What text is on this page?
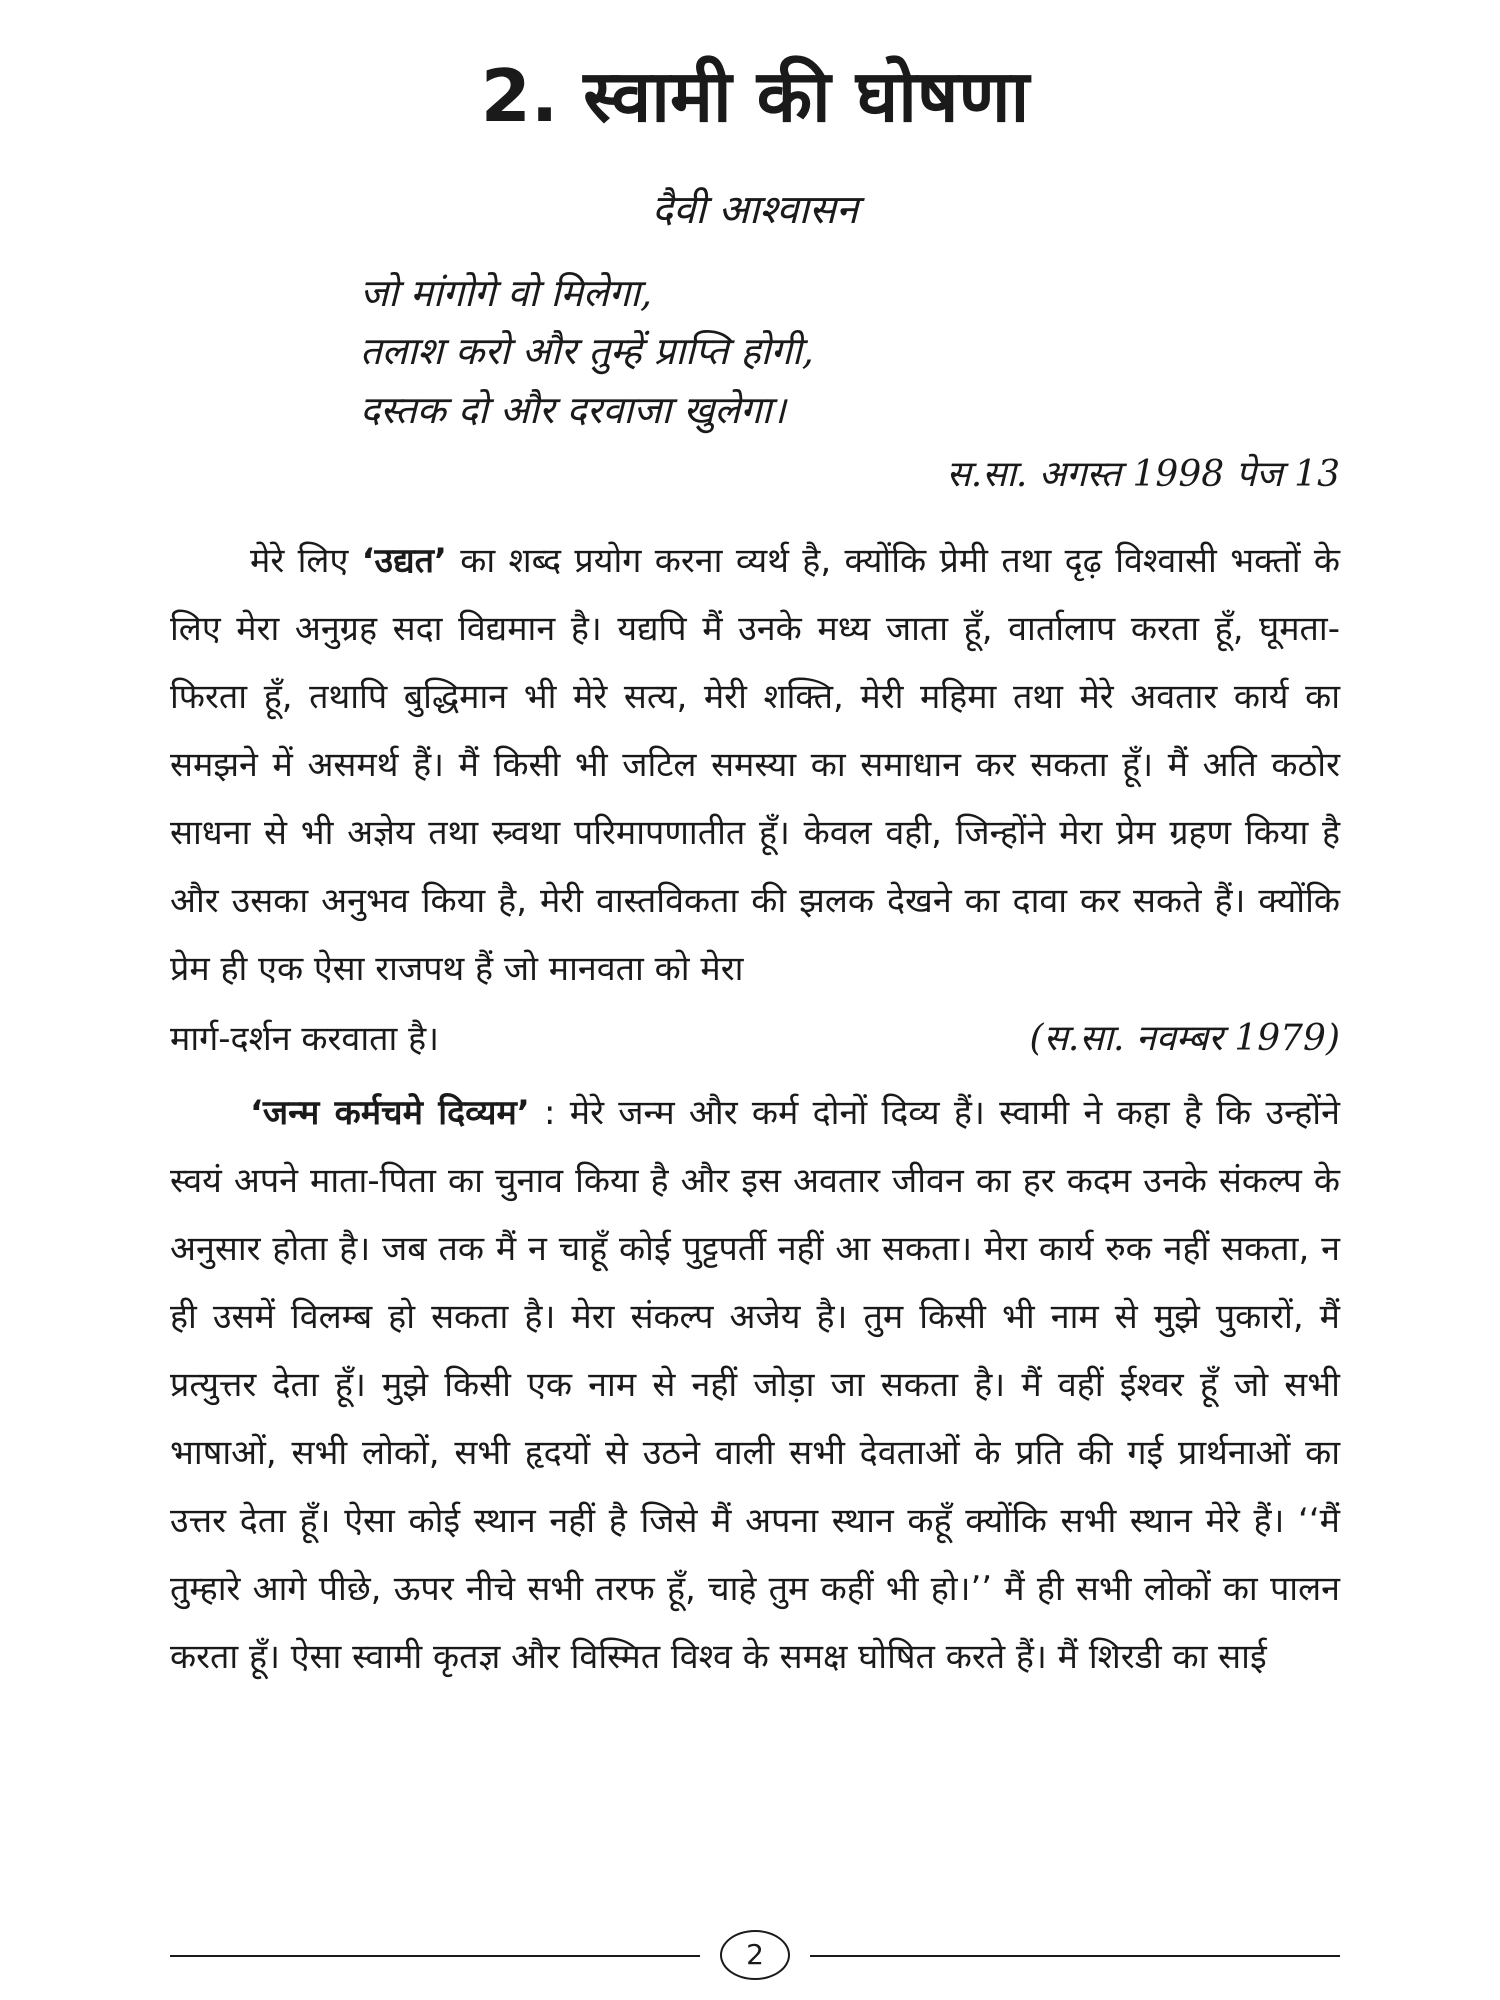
2. स्वामी की घोषणा
दैवी आश्वासन
जो मांगोगे वो मिलेगा,
तलाश करो और तुम्हें प्राप्ति होगी,
दस्तक दो और दरवाजा खुलेगा।
स.सा. अगस्त 1998 पेज 13

मेरे लिए ‘उद्यत’ का शब्द प्रयोग करना व्यर्थ है, क्योंकि प्रेमी तथा दृढ़ विश्वासी भक्तों के लिए मेरा अनुग्रह सदा विद्यमान है। यद्यपि मैं उनके मध्य जाता हूँ, वार्तालाप करता हूँ, घूमता-फिरता हूँ, तथापि बुद्धिमान भी मेरे सत्य, मेरी शक्ति, मेरी महिमा तथा मेरे अवतार कार्य का समझने में असमर्थ हैं। मैं किसी भी जटिल समस्या का समाधान कर सकता हूँ। मैं अति कठोर साधना से भी अज्ञेय तथा स्र्वथा परिमापणातीत हूँ। केवल वही, जिन्होंने मेरा प्रेम ग्रहण किया है और उसका अनुभव किया है, मेरी वास्तविकता की झलक देखने का दावा कर सकते हैं। क्योंकि प्रेम ही एक ऐसा राजपथ हैं जो मानवता को मेरा

मार्ग-दर्शन करवाता है।	(स.सा. नवम्बर 1979)

‘जन्म कर्मचमे दिव्यम’ : मेरे जन्म और कर्म दोनों दिव्य हैं। स्वामी ने कहा है कि उन्होंने स्वयं अपने माता-पिता का चुनाव किया है और इस अवतार जीवन का हर कदम उनके संकल्प के अनुसार होता है। जब तक मैं न चाहूँ कोई पुट्टपर्ती नहीं आ सकता। मेरा कार्य रुक नहीं सकता, न ही उसमें विलम्ब हो सकता है। मेरा संकल्प अजेय है। तुम किसी भी नाम से मुझे पुकारों, मैं प्रत्युत्तर देता हूँ। मुझे किसी एक नाम से नहीं जोड़ा जा सकता है। मैं वहीं ईश्वर हूँ जो सभी भाषाओं, सभी लोकों, सभी हृदयों से उठने वाली सभी देवताओं के प्रति की गई प्रार्थनाओं का उत्तर देता हूँ। ऐसा कोई स्थान नहीं है जिसे मैं अपना स्थान कहूँ क्योंकि सभी स्थान मेरे हैं। ‘‘मैं तुम्हारे आगे पीछे, ऊपर नीचे सभी तरफ हूँ, चाहे तुम कहीं भी हो।’’ मैं ही सभी लोकों का पालन करता हूँ। ऐसा स्वामी कृतज्ञ और विस्मित विश्व के समक्ष घोषित करते हैं। मैं शिरडी का साई

2
